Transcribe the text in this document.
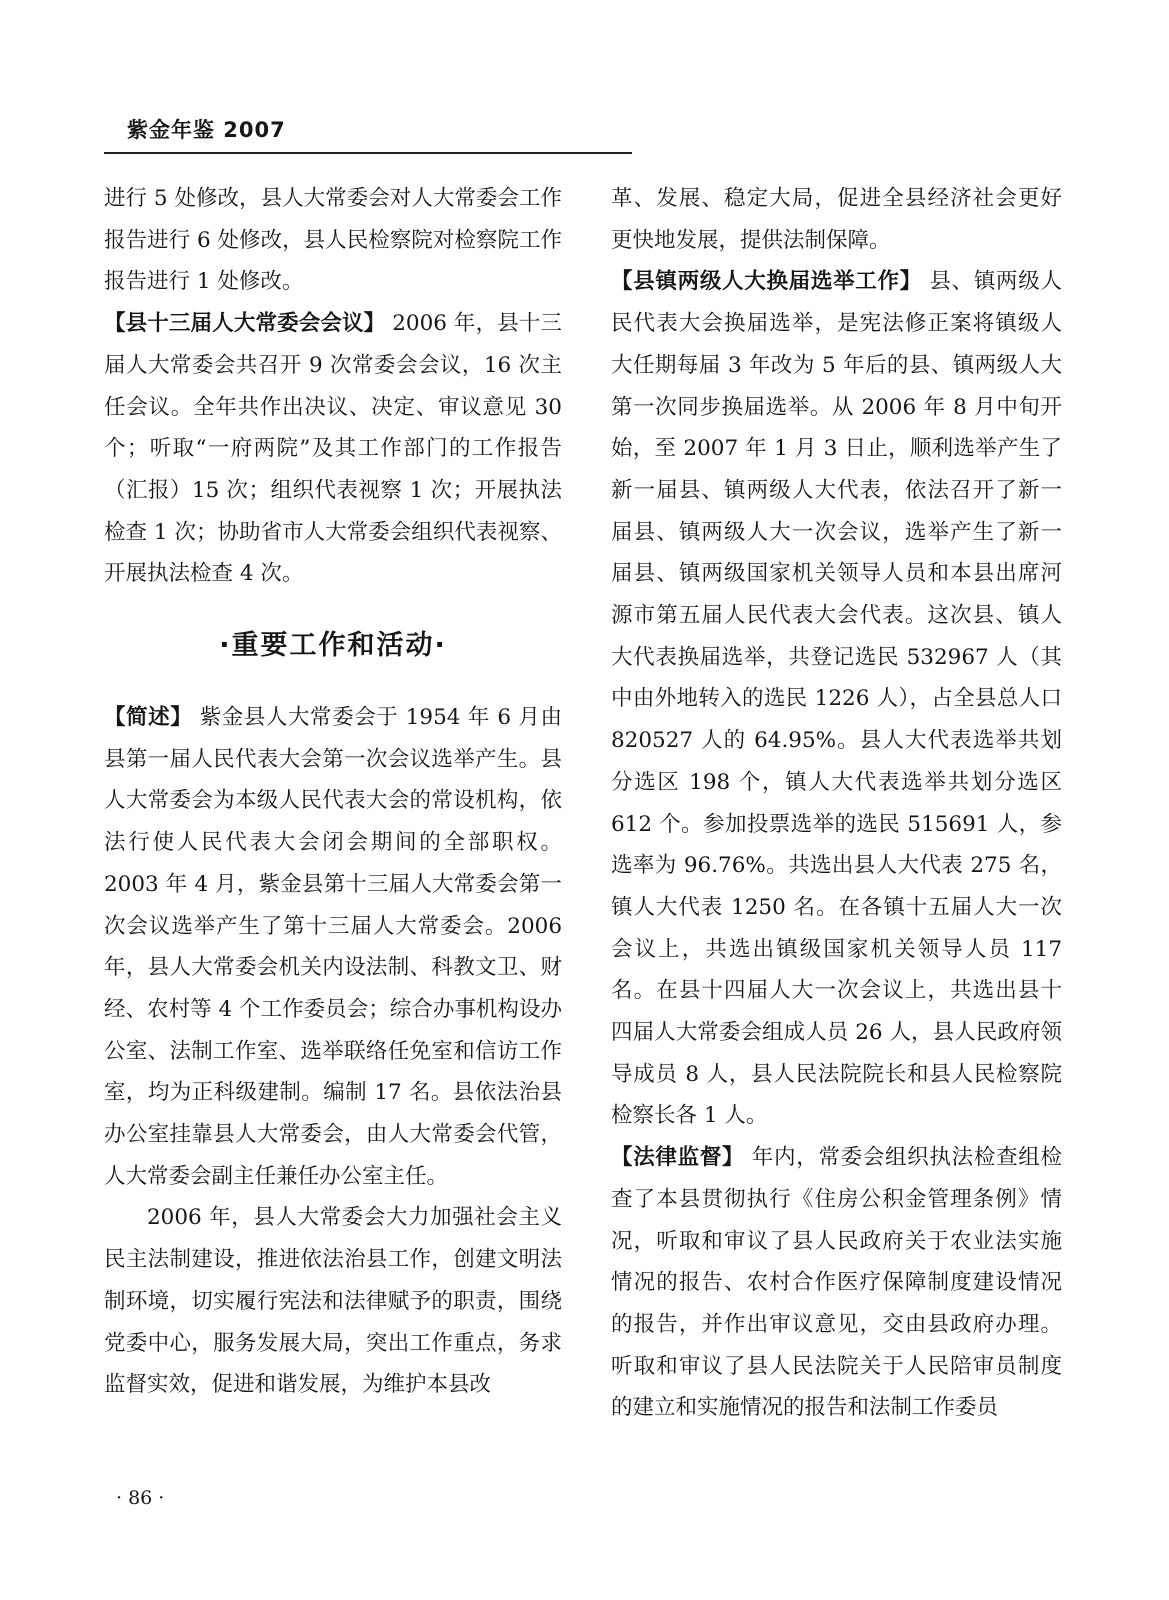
紫金年鉴 2007

进行 5 处修改，县人大常委会对人大常委会工作报告进行 6 处修改，县人民检察院对检察院工作报告进行 1 处修改。

【县十三届人大常委会会议】 2006 年，县十三届人大常委会共召开 9 次常委会会议，16 次主任会议。全年共作出决议、决定、审议意见 30 个；听取“一府两院”及其工作部门的工作报告（汇报）15 次；组织代表视察 1 次；开展执法检查 1 次；协助省市人大常委会组织代表视察、开展执法检查 4 次。

·重要工作和活动·

【简述】 紫金县人大常委会于 1954 年 6 月由县第一届人民代表大会第一次会议选举产生。县人大常委会为本级人民代表大会的常设机构，依法行使人民代表大会闭会期间的全部职权。2003 年 4 月，紫金县第十三届人大常委会第一次会议选举产生了第十三届人大常委会。2006 年，县人大常委会机关内设法制、科教文卫、财经、农村等 4 个工作委员会；综合办事机构设办公室、法制工作室、选举联络任免室和信访工作室，均为正科级建制。编制 17 名。县依法治县办公室挂靠县人大常委会，由人大常委会代管，人大常委会副主任兼任办公室主任。

2006 年，县人大常委会大力加强社会主义民主法制建设，推进依法治县工作，创建文明法制环境，切实履行宪法和法律赋予的职责，围绕党委中心，服务发展大局，突出工作重点，务求监督实效，促进和谐发展，为维护本县改

革、发展、稳定大局，促进全县经济社会更好更快地发展，提供法制保障。

【县镇两级人大换届选举工作】 县、镇两级人民代表大会换届选举，是宪法修正案将镇级人大任期每届 3 年改为 5 年后的县、镇两级人大第一次同步换届选举。从 2006 年 8 月中旬开始，至 2007 年 1 月 3 日止，顺利选举产生了新一届县、镇两级人大代表，依法召开了新一届县、镇两级人大一次会议，选举产生了新一届县、镇两级国家机关领导人员和本县出席河源市第五届人民代表大会代表。这次县、镇人大代表换届选举，共登记选民 532967 人（其中由外地转入的选民 1226 人），占全县总人口 820527 人的 64.95%。县人大代表选举共划分选区 198 个，镇人大代表选举共划分选区 612 个。参加投票选举的选民 515691 人，参选率为 96.76%。共选出县人大代表 275 名，镇人大代表 1250 名。在各镇十五届人大一次会议上，共选出镇级国家机关领导人员 117 名。在县十四届人大一次会议上，共选出县十四届人大常委会组成人员 26 人，县人民政府领导成员 8 人，县人民法院院长和县人民检察院检察长各 1 人。

【法律监督】 年内，常委会组织执法检查组检查了本县贯彻执行《住房公积金管理条例》情况，听取和审议了县人民政府关于农业法实施情况的报告、农村合作医疗保障制度建设情况的报告，并作出审议意见，交由县政府办理。听取和审议了县人民法院关于人民陪审员制度的建立和实施情况的报告和法制工作委员

· 86 ·
